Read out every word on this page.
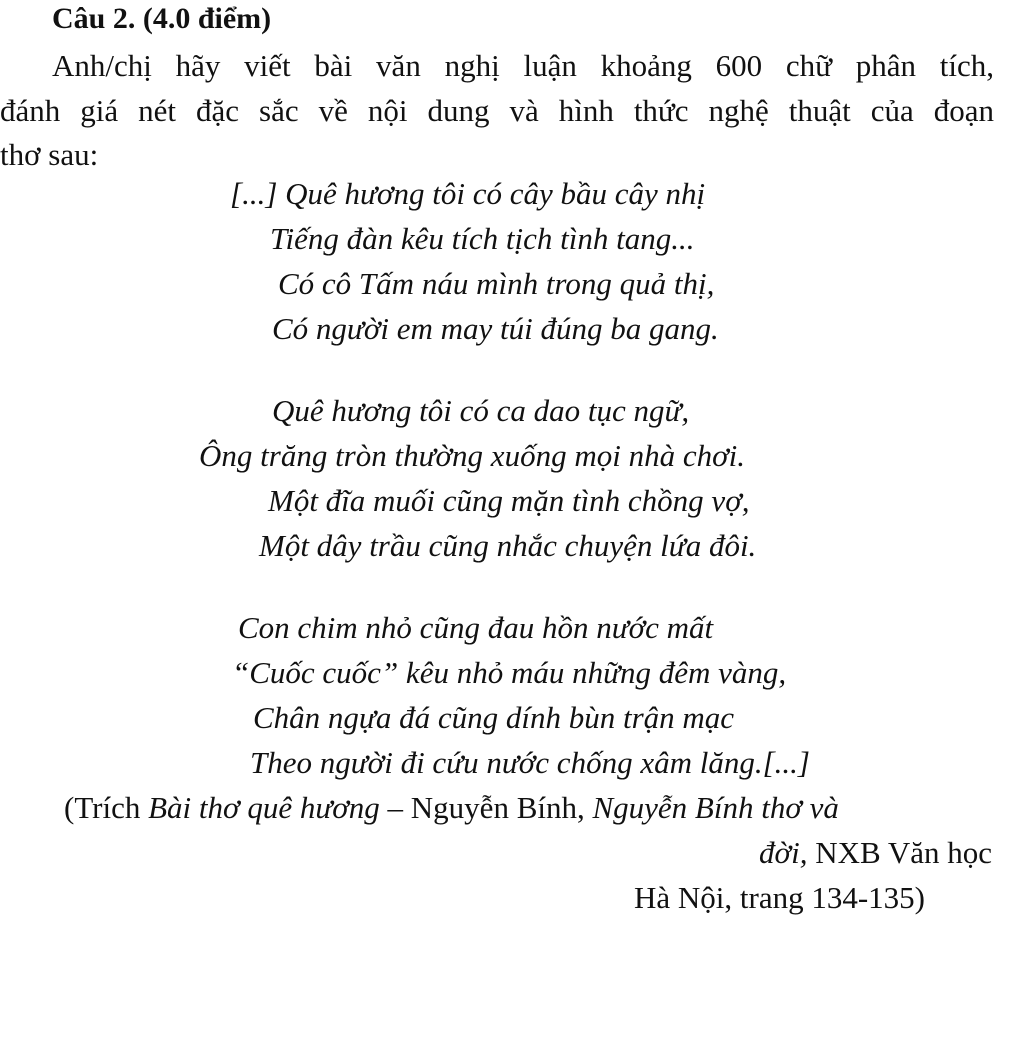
Câu 2. (4.0 điểm)
Anh/chị hãy viết bài văn nghị luận khoảng 600 chữ phân tích,
đánh giá nét đặc sắc về nội dung và hình thức nghệ thuật của đoạn
thơ sau:
[...] Quê hương tôi có cây bầu cây nhị
Tiếng đàn kêu tích tịch tình tang...
Có cô Tấm náu mình trong quả thị,
Có người em may túi đúng ba gang.
Quê hương tôi có ca dao tục ngữ,
Ông trăng tròn thường xuống mọi nhà chơi.
Một đĩa muối cũng mặn tình chồng vợ,
Một dây trầu cũng nhắc chuyện lứa đôi.
Con chim nhỏ cũng đau hồn nước mất
“Cuốc cuốc” kêu nhỏ máu những đêm vàng,
Chân ngựa đá cũng dính bùn trận mạc
Theo người đi cứu nước chống xâm lăng.[...]
(Trích Bài thơ quê hương – Nguyễn Bính, Nguyễn Bính thơ và
đời, NXB Văn học
Hà Nội, trang 134-135)
